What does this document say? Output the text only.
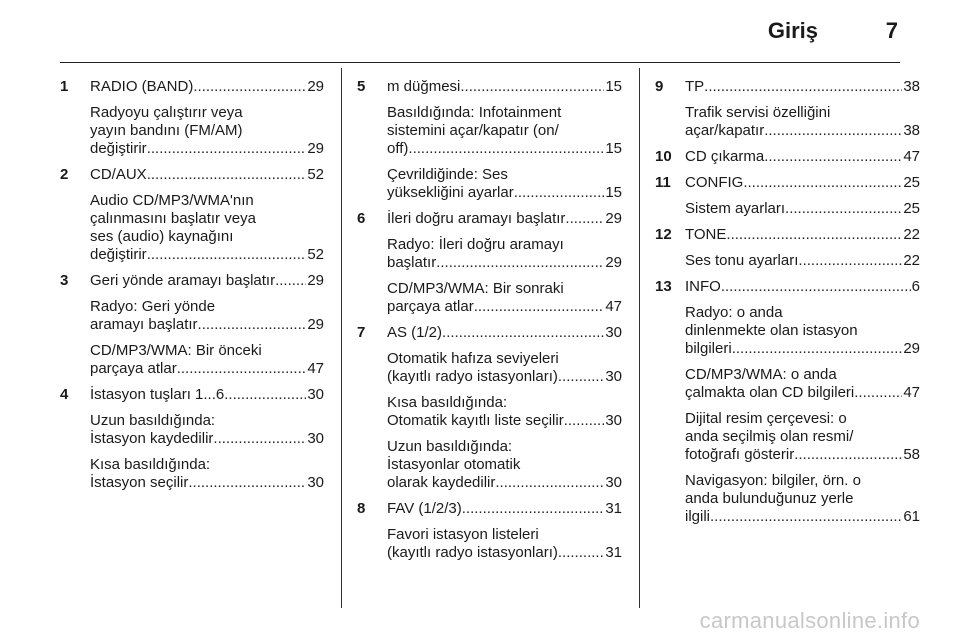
Giriş	7
1 RADIO (BAND) .....	29
Radyoyu çalıştırır veya
yayın bandını (FM/AM)
değiştirir .....	29
2 CD/AUX .....	52
Audio CD/MP3/WMA'nın
çalınmasını başlatır veya
ses (audio) kaynağını
değiştirir .....	52
3 Geri yönde aramayı başlatır ..... 29
Radyo: Geri yönde
aramayı başlatır .....	29
CD/MP3/WMA: Bir önceki
parçaya atlar .....	47
4 İstasyon tuşları 1...6 .....	30
Uzun basıldığında:
İstasyon kaydedilir .....	30
Kısa basıldığında:
İstasyon seçilir .....	30
5 m düğmesi .....	15
Basıldığında: Infotainment
sistemini açar/kapatır (on/
off) .....	15
Çevrildiğinde: Ses
yüksekliğini ayarlar .....	15
6 İleri doğru aramayı başlatır .....	29
Radyo: İleri doğru aramayı
başlatır .....	29
CD/MP3/WMA: Bir sonraki
parçaya atlar .....	47
7 AS (1/2) .....	30
Otomatik hafıza seviyeleri
(kayıtlı radyo istasyonları) .....	30
Kısa basıldığında:
Otomatik kayıtlı liste seçilir .....	30
Uzun basıldığında:
İstasyonlar otomatik
olarak kaydedilir .....	30
8 FAV (1/2/3) .....	31
Favori istasyon listeleri
(kayıtlı radyo istasyonları) .....	31
9 TP .....	38
Trafik servisi özelliğini
açar/kapatır .....	38
10 CD çıkarma .....	47
11 CONFIG .....	25
Sistem ayarları .....	25
12 TONE .....	22
Ses tonu ayarları .....	22
13 INFO .....	6
Radyo: o anda
dinlenmekte olan istasyon
bilgileri .....	29
CD/MP3/WMA: o anda
çalmakta olan CD bilgileri .....	47
Dijital resim çerçevesi: o
anda seçilmiş olan resmi/
fotoğrafı gösterir .....	58
Navigasyon: bilgiler, örn. o
anda bulunduğunuz yerle
ilgili .....	61
carmanualsonline.info
